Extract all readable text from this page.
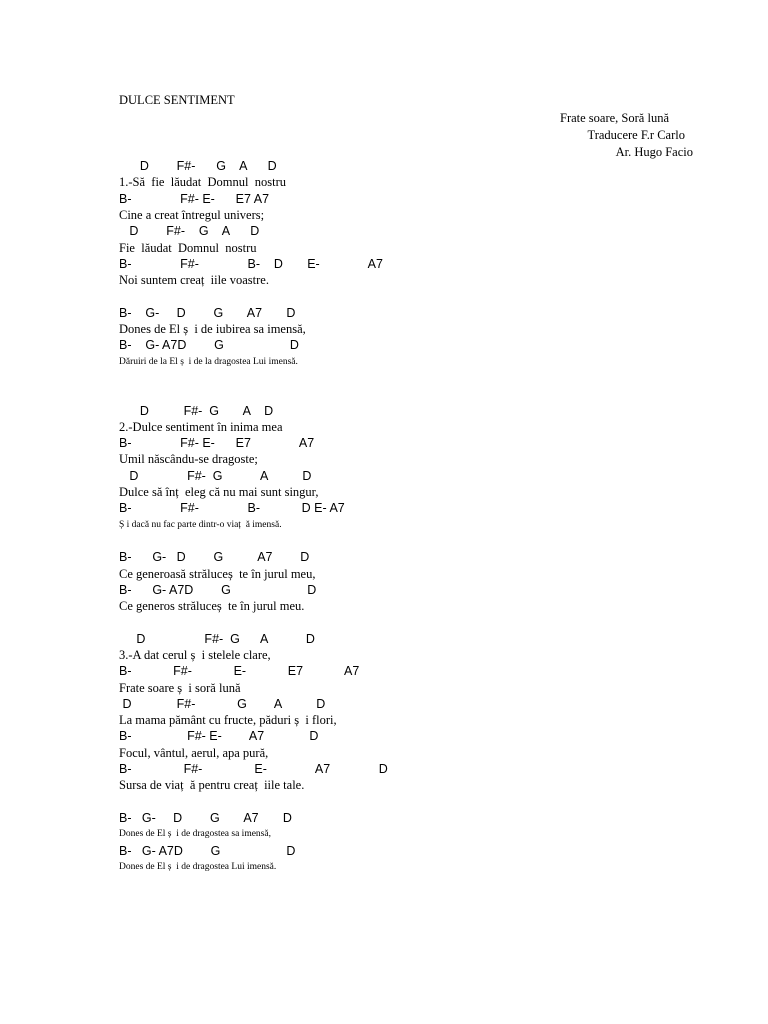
DULCE SENTIMENT
Frate soare, Soră lună
Traducere F.r Carlo
Ar. Hugo Facio
D        F#-      G    A      D
1.-Să  fie  lăudat  Domnul  nostru
B-              F#- E-      E7 A7
Cine a creat întregul univers;
D        F#-    G    A      D
Fie  lăudat  Domnul  nostru
B-              F#-              B-    D       E-              A7
Noi suntem creaț  iile voastre.
B-    G-     D        G       A7       D
Dones de El ș  i de iubirea sa imensă,
B-    G- A7D        G                   D
Dăruiri de la El ș  i de la dragostea Lui imensă.
D          F#-  G       A    D
2.-Dulce sentiment în inima mea
B-              F#- E-      E7              A7
Umil născându-se dragoste;
D              F#-  G           A          D
Dulce să înț  eleg că nu mai sunt singur,
B-              F#-              B-            D E- A7
Ș i dacă nu fac parte dintr-o viaț  ă imensă.
B-      G-   D        G          A7        D
Ce generoasă străluceș  te în jurul meu,
B-      G- A7D        G                      D
Ce generos străluceș  te în jurul meu.
D                 F#-  G      A           D
3.-A dat cerul ș  i stelele clare,
B-            F#-            E-            E7            A7
Frate soare ș  i soră lună
D             F#-            G        A          D
La mama pământ cu fructe, păduri ș  i flori,
B-                F#- E-        A7             D
Focul, vântul, aerul, apa pură,
B-               F#-               E-              A7              D
Sursa de viaț  ă pentru creaț  iile tale.
B-   G-     D        G       A7       D
Dones de El ș  i de dragostea sa imensă,
B-   G- A7D        G                   D
Dones de El ș  i de dragostea Lui imensă.
